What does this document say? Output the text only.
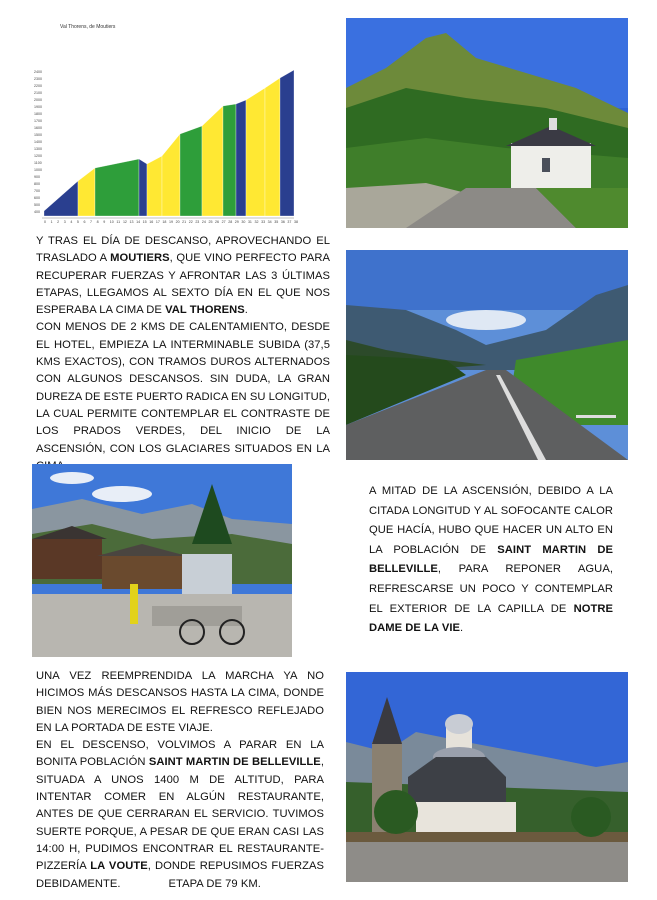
Val Thorens, de Moutiers
2400
2300
2200
2100
2000
1900
1800
1700
1600
1500
1400
1300
1200
1100
1000
900
800
700
600
500
400
0 1 2 3 4 5 6 7 8 9 10 11 12 13 14 15 16 17 18 19 20 21 22 23 24 25 26 27 28 29 30 31 32 33 34 35 36 37 38
Y TRAS EL DÍA DE DESCANSO, APROVECHANDO EL TRASLADO A MOUTIERS, QUE VINO PERFECTO PARA RECUPERAR FUERZAS Y AFRONTAR LAS 3 ÚLTIMAS ETAPAS, LLEGAMOS AL SEXTO DÍA EN EL QUE NOS ESPERABA LA CIMA DE VAL THORENS.
CON MENOS DE 2 KMS DE CALENTAMIENTO, DESDE EL HOTEL, EMPIEZA LA INTERMINABLE SUBIDA (37,5 KMS EXACTOS), CON TRAMOS DUROS ALTERNADOS CON ALGUNOS DESCANSOS. SIN DUDA, LA GRAN DUREZA DE ESTE PUERTO RADICA EN SU LONGITUD, LA CUAL PERMITE CONTEMPLAR EL CONTRASTE DE LOS PRADOS VERDES, DEL INICIO DE LA ASCENSIÓN, CON LOS GLACIARES SITUADOS EN LA
A MITAD DE LA ASCENSIÓN, DEBIDO A LA CITADA LONGITUD Y AL SOFOCANTE CALOR QUE HACÍA, HUBO QUE HACER UN ALTO EN LA POBLACIÓN DE SAINT MARTIN DE BELLEVILLE, PARA REPONER AGUA, REFRESCARSE UN POCO Y CONTEMPLAR EL EXTERIOR DE LA CAPILLA DE NOTRE DAME DE LA VIE.
UNA VEZ REEMPRENDIDA LA MARCHA YA NO HICIMOS MÁS DESCANSOS HASTA LA CIMA, DONDE BIEN NOS MERECIMOS EL REFRESCO REFLEJADO EN LA PORTADA DE ESTE VIAJE.
EN EL DESCENSO, VOLVIMOS A PARAR EN LA BONITA POBLACIÓN SAINT MARTIN DE BELLEVILLE, SITUADA A UNOS 1400 M DE ALTITUD, PARA INTENTAR COMER EN ALGÚN RESTAURANTE, ANTES DE QUE CERRARAN EL SERVICIO. TUVIMOS SUERTE PORQUE, A PESAR DE QUE ERAN CASI LAS 14:00 H, PUDIMOS ENCONTRAR EL RESTAURANTE-PIZZERÍA LA VOUTE, DONDE REPUSIMOS FUERZAS DEBIDAMENTE.	ETAPA DE 79 KM.
